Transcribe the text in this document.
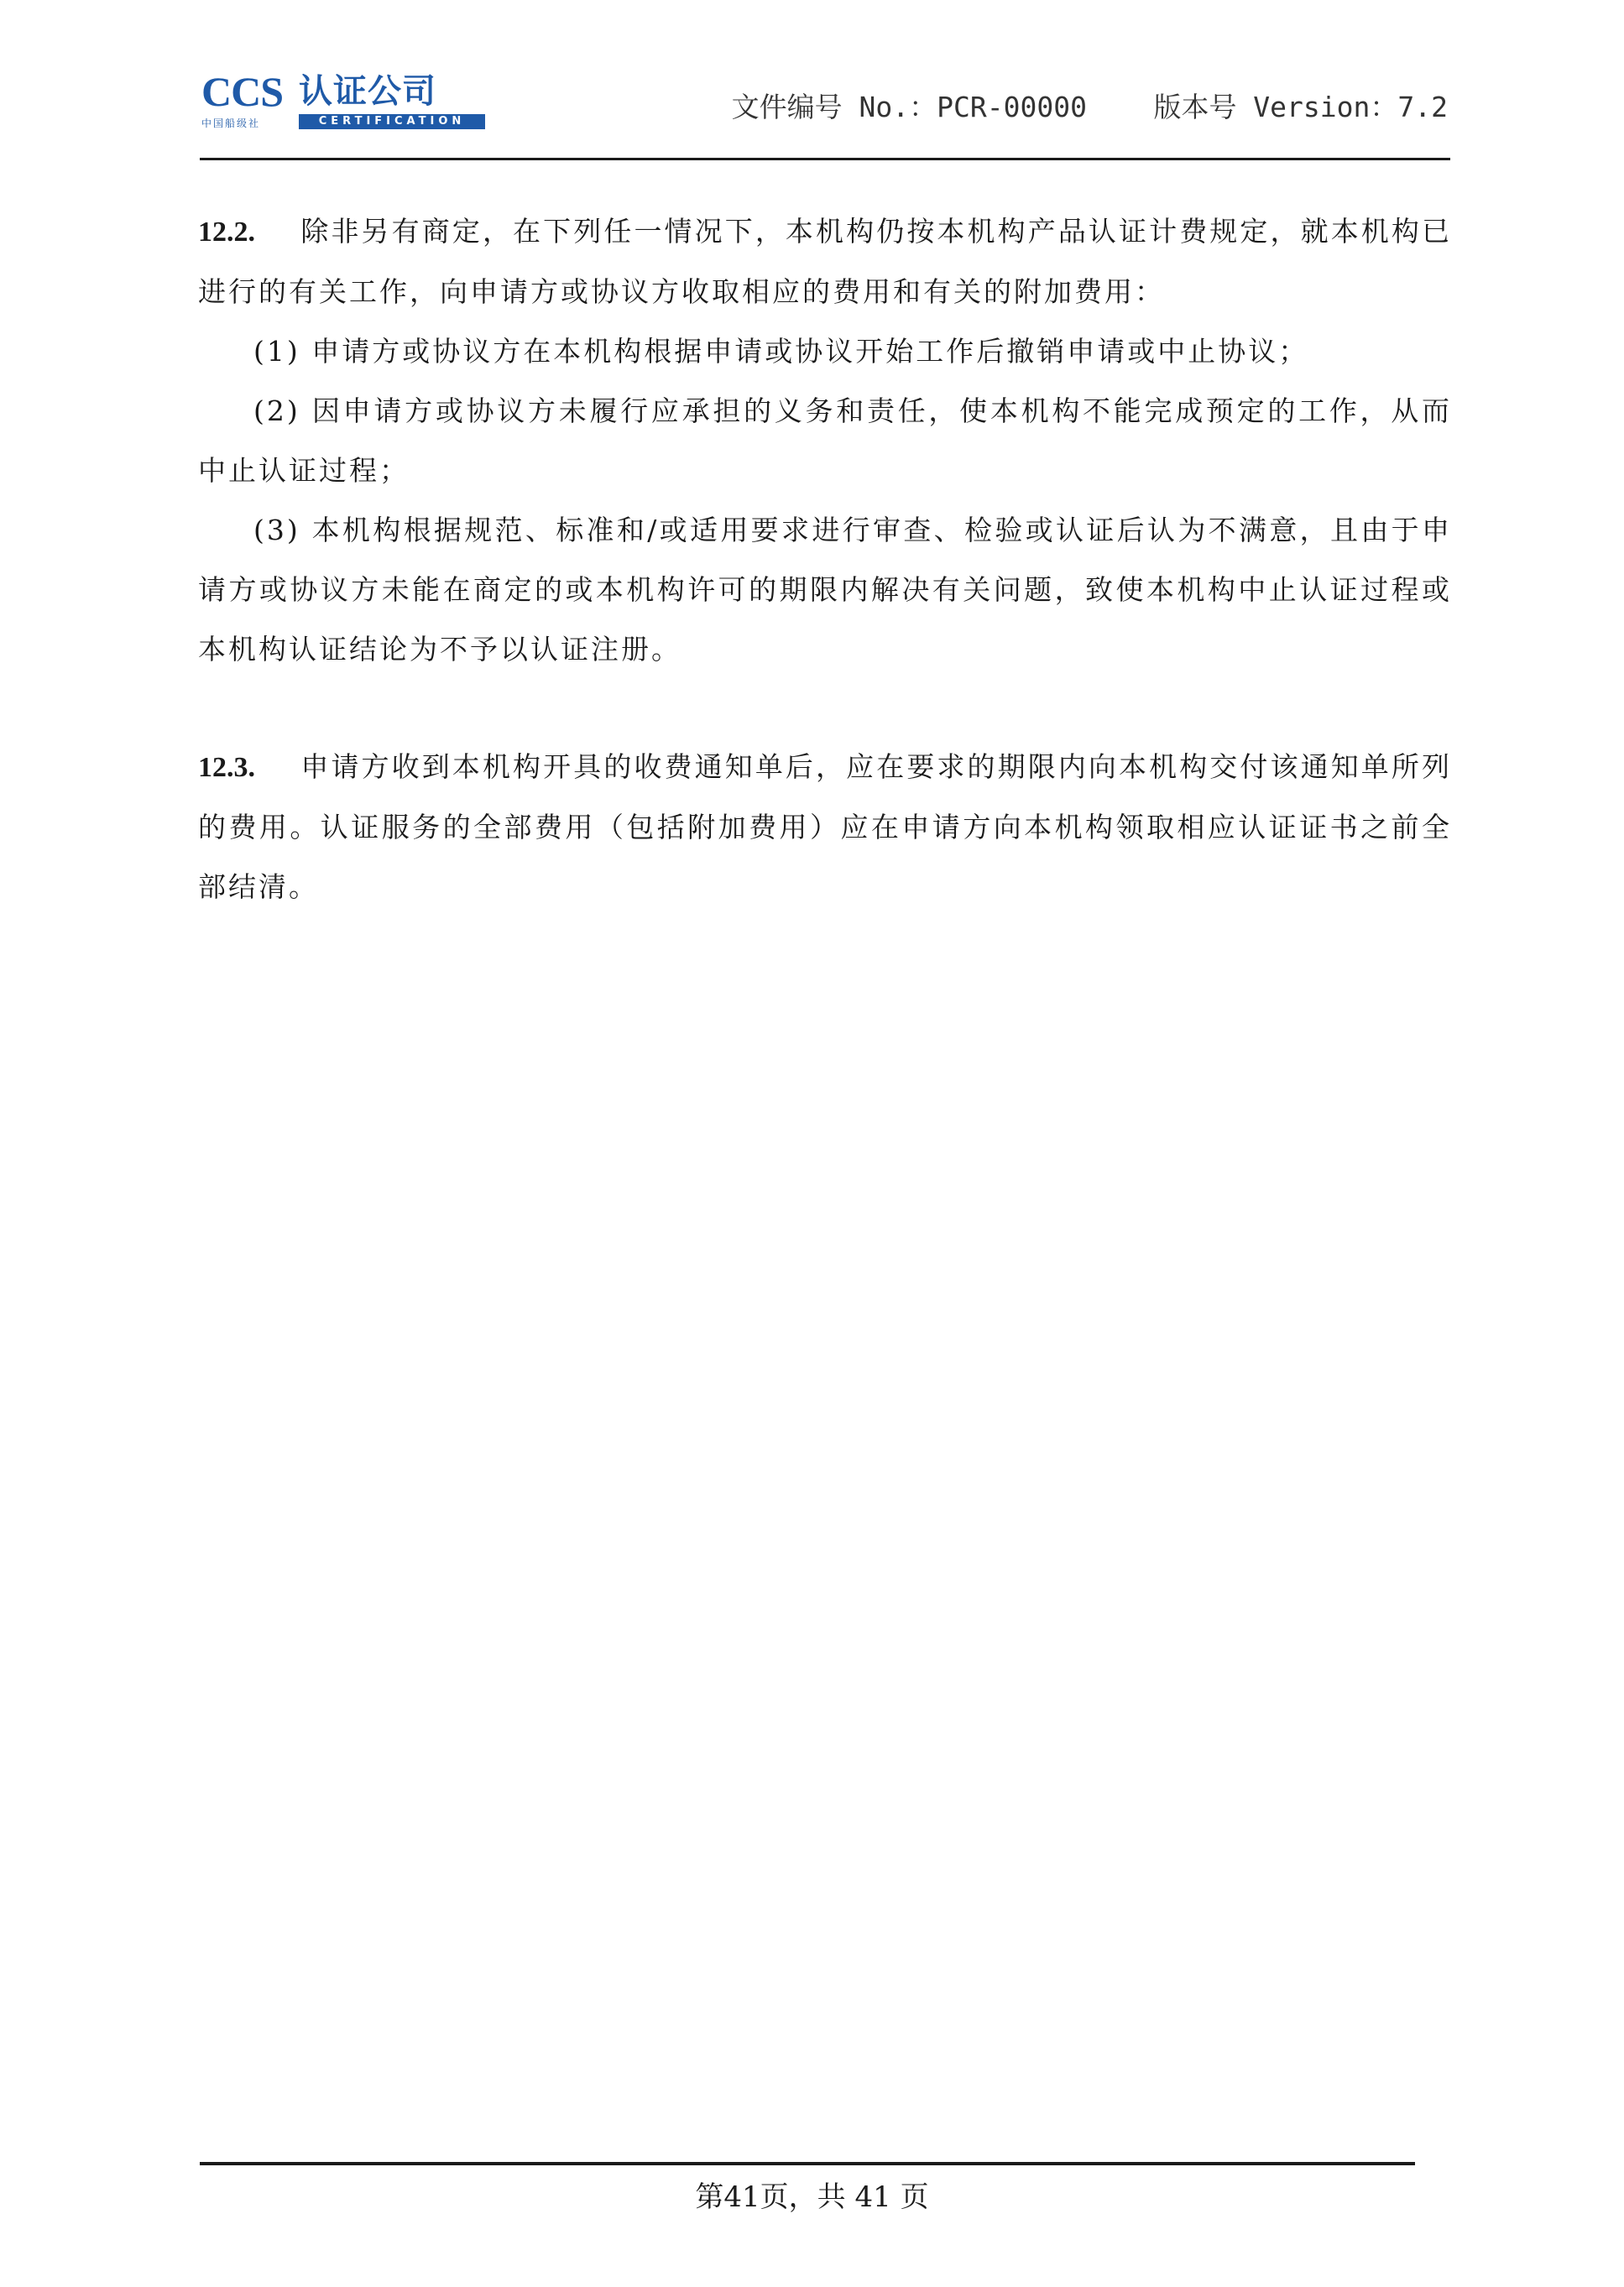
CCS 认证公司
中国船级社	CERTIFICATION	文件编号 No.：PCR-00000 版本号 Version：7.2
12.2. 除非另有商定，在下列任一情况下，本机构仍按本机构产品认证计费规定，就本机构已进行的有关工作，向申请方或协议方收取相应的费用和有关的附加费用：
(1) 申请方或协议方在本机构根据申请或协议开始工作后撤销申请或中止协议；
(2) 因申请方或协议方未履行应承担的义务和责任，使本机构不能完成预定的工作，从而中止认证过程；
(3) 本机构根据规范、标准和/或适用要求进行审查、检验或认证后认为不满意，且由于申请方或协议方未能在商定的或本机构许可的期限内解决有关问题，致使本机构中止认证过程或本机构认证结论为不予以认证注册。
12.3. 申请方收到本机构开具的收费通知单后，应在要求的期限内向本机构交付该通知单所列的费用。认证服务的全部费用（包括附加费用）应在申请方向本机构领取相应认证证书之前全部结清。
第41页，共 41 页
